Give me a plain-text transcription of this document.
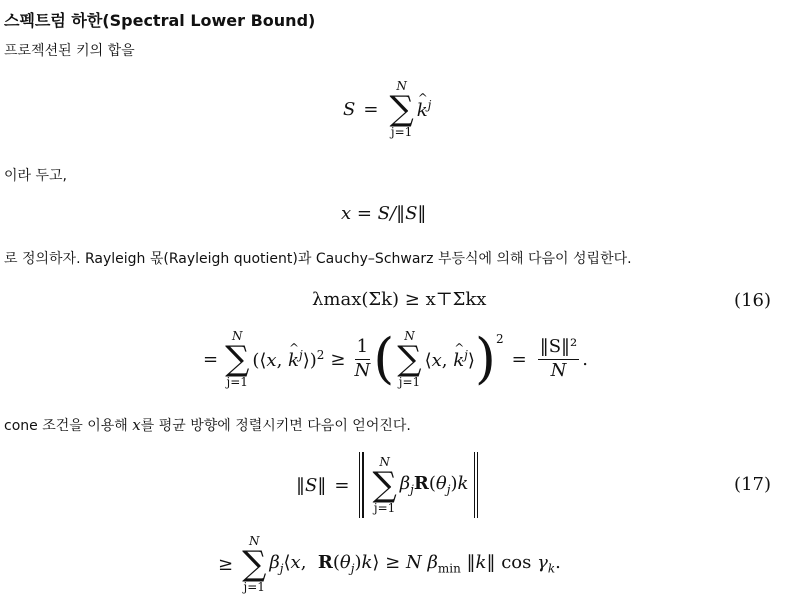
스펙트럼 하한(Spectral Lower Bound)
프로젝션된 키의 합을
S =
N
∑
j=1
^ $k^j$
이라 두고,
x = S/‖S‖
로 정의하자. Rayleigh 몫(Rayleigh quotient)과 Cauchy–Schwarz 부등식에 의해 다음이 성립한다.
λmax(Σk) ≥ x⊤Σkx	(16)
=
N
∑
j=1
(⟨x, ^ $k^j⟩)^2 \ge \frac{1}{N}$ ( N
∑
j=1
⟨x, ^ $k^j⟩$ )$^2$
= $\frac{\text{‖S‖²}}{N}$ .
cone 조건을 이용해 x를 평균 방향에 정렬시키면 다음이 얻어진다.
‖S‖ =
N
∑
j=1
$\beta_jR(\theta_j)k$	(17)
≥
N
∑
j=1
$\beta_j⟨x$,  $R(\theta_j)k⟩ \ge N$ $\beta_{min}$ ‖k‖ $\cos \gamma_k$.
